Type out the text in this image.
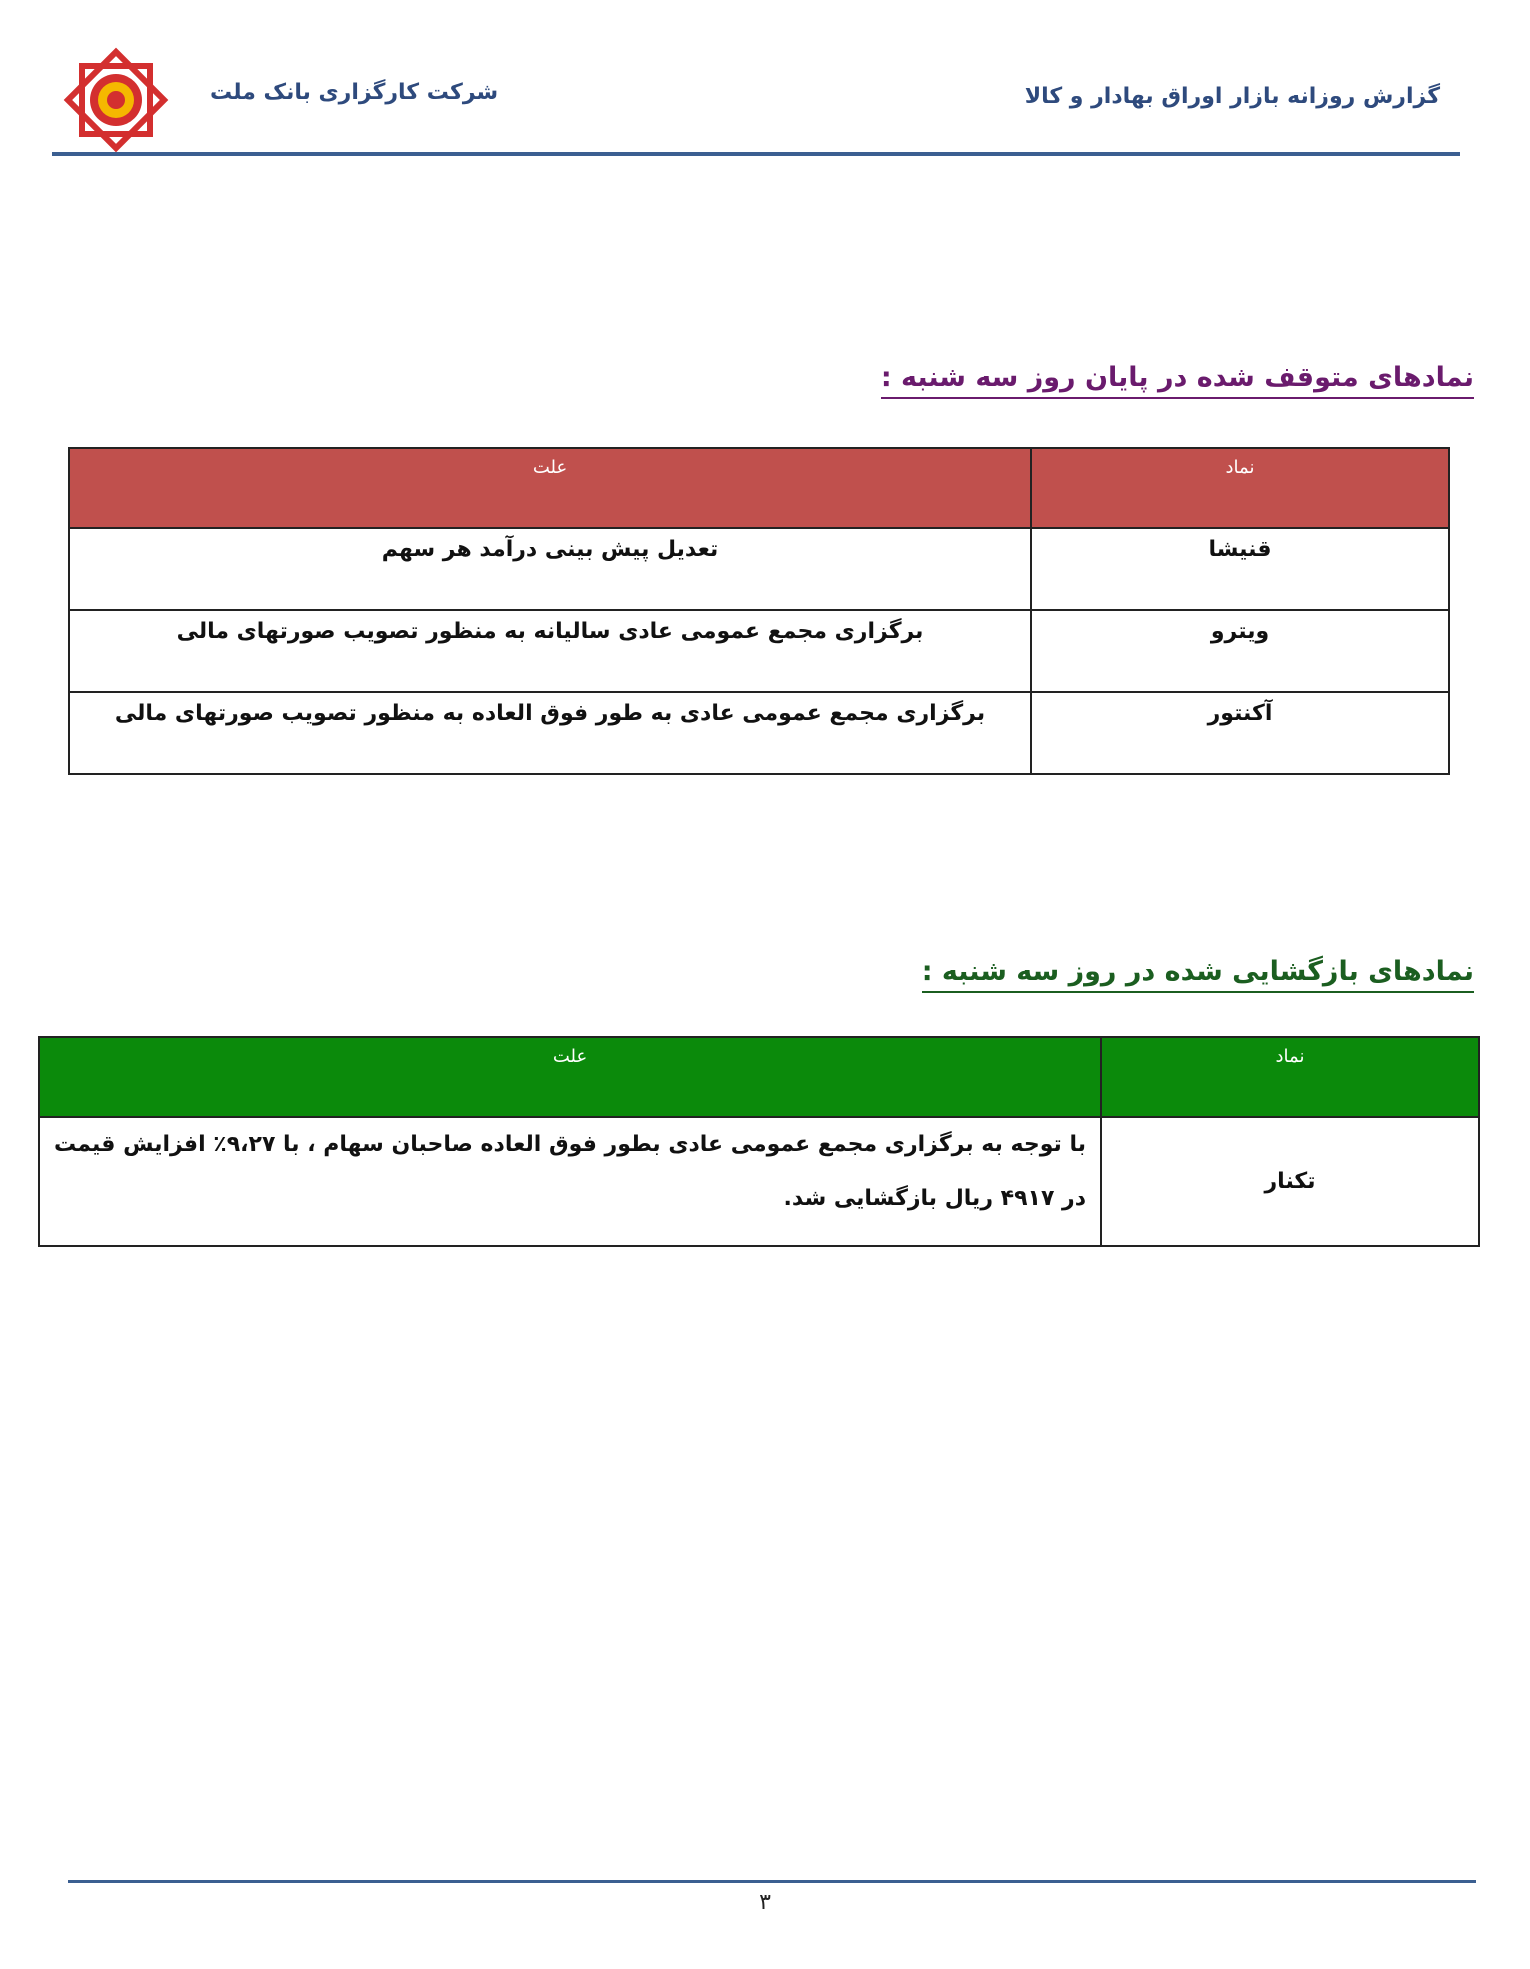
شرکت کارگزاری بانک ملت	گزارش روزانه بازار اوراق بهادار و کالا
نمادهای متوقف شده در پایان روز سه شنبه :
نماد	علت
قنیشا	تعدیل پیش بینی درآمد هر سهم
ویترو	برگزاری مجمع عمومی عادی سالیانه به منظور تصویب صورتهای مالی
آکنتور	برگزاری مجمع عمومی عادی به طور فوق العاده به منظور تصویب صورتهای مالی
نمادهای بازگشایی شده در روز سه شنبه :
نماد	علت
تکنار	با توجه به برگزاری مجمع عمومی عادی بطور فوق العاده صاحبان سهام ، با ۹،۲۷٪ افزایش قیمت در ۴۹۱۷ ریال بازگشایی شد.
۳
